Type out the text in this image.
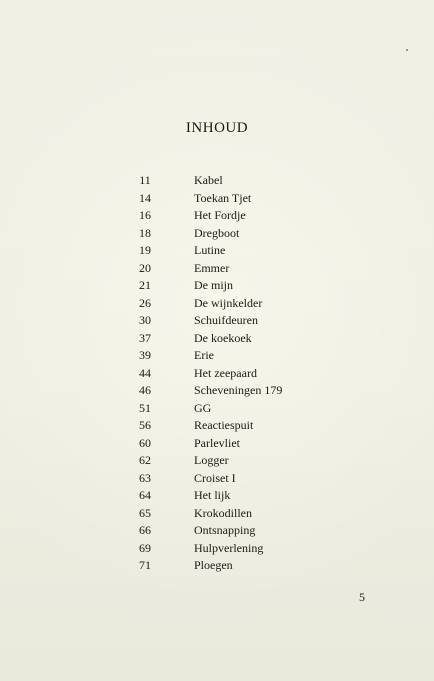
INHOUD
11	Kabel
14	Toekan Tjet
16	Het Fordje
18	Dregboot
19	Lutine
20	Emmer
21	De mijn
26	De wijnkelder
30	Schuifdeuren
37	De koekoek
39	Erie
44	Het zeepaard
46	Scheveningen 179
51	GG
56	Reactiespuit
60	Parlevliet
62	Logger
63	Croiset I
64	Het lijk
65	Krokodillen
66	Ontsnapping
69	Hulpverlening
71	Ploegen
5
